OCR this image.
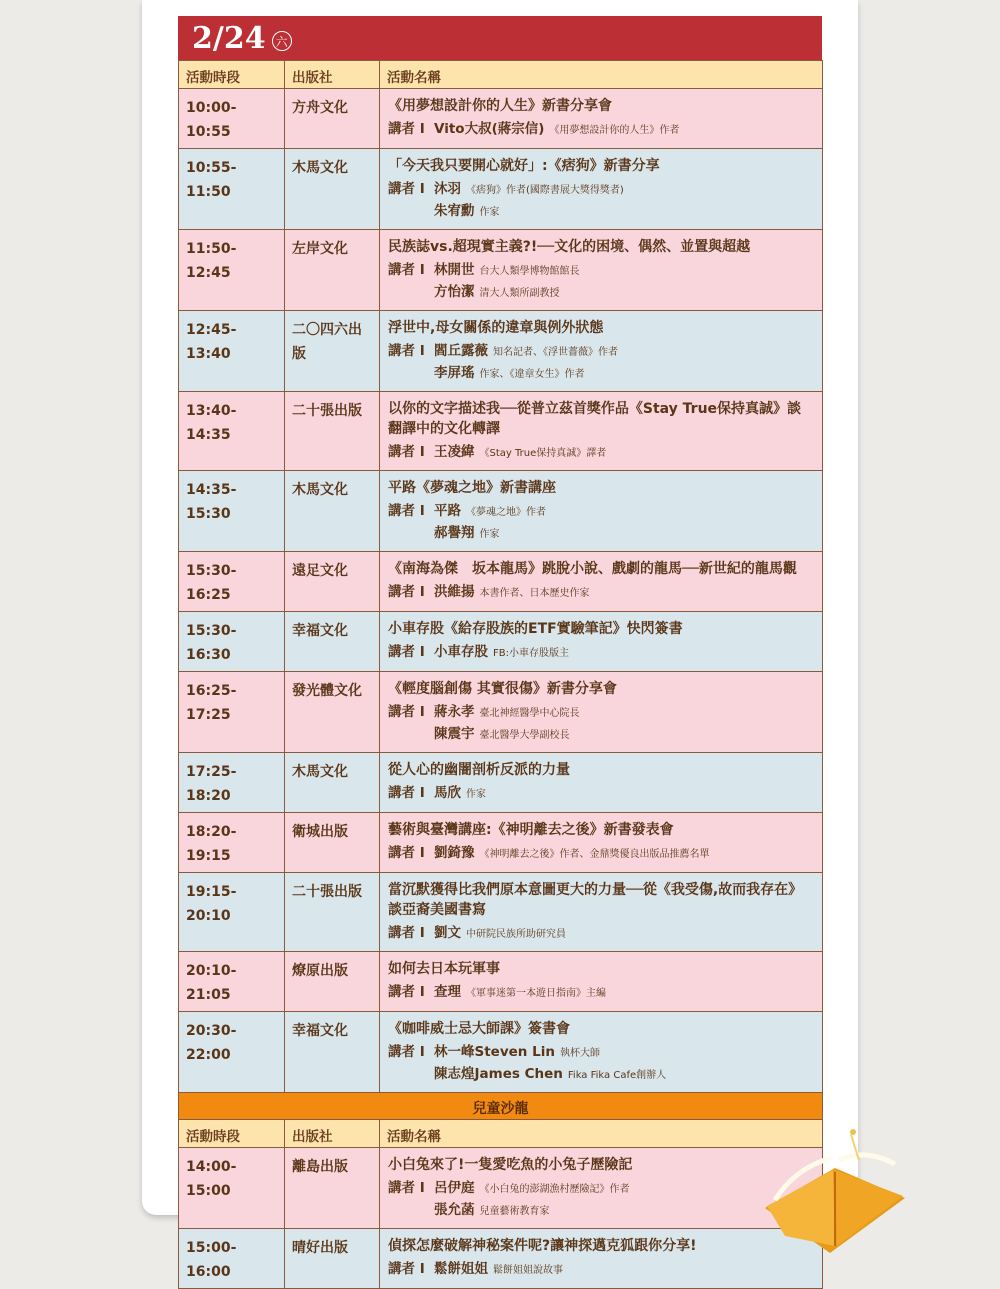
2/24 六
活動時段	出版社	活動名稱
10:00-10:55	方舟文化	《用夢想設計你的人生》新書分享會
講者 I Vito大叔(蔣宗信) 《用夢想設計你的人生》作者

10:55-11:50	木馬文化	「今天我只要開心就好」:《痞狗》新書分享
講者 I 沐羽 《痞狗》作者(國際書展大獎得獎者)
朱宥勳 作家

11:50-12:45	左岸文化	民族誌vs.超現實主義?!──文化的困境、偶然、並置與超越
講者 I 林開世 台大人類學博物館館長
方怡潔 清大人類所副教授

12:45-13:40	二〇四六出版	浮世中,母女關係的違章與例外狀態
講者 I 閻丘露薇 知名記者、《浮世薔薇》作者
李屏瑤 作家、《違章女生》作者

13:40-14:35	二十張出版	以你的文字描述我──從普立茲首獎作品《Stay True保持真誠》談翻譯中的文化轉譯
講者 I 王凌緯 《Stay True保持真誠》譯者

14:35-15:30	木馬文化	平路《夢魂之地》新書講座
講者 I 平路 《夢魂之地》作者
郝譽翔 作家

15:30-16:25	遠足文化	《南海為傑　坂本龍馬》跳脫小說、戲劇的龍馬──新世紀的龍馬觀
講者 I 洪維揚 本書作者、日本歷史作家

15:30-16:30	幸福文化	小車存股《給存股族的ETF實驗筆記》快閃簽書
講者 I 小車存股 FB:小車存股版主

16:25-17:25	發光體文化	《輕度腦創傷 其實很傷》新書分享會
講者 I 蔣永孝 臺北神經醫學中心院長
陳震宇 臺北醫學大學副校長

17:25-18:20	木馬文化	從人心的幽闇剖析反派的力量
講者 I 馬欣 作家

18:20-19:15	衛城出版	藝術與臺灣講座:《神明離去之後》新書發表會
講者 I 劉錡豫 《神明離去之後》作者、金鼎獎優良出版品推薦名單

19:15-20:10	二十張出版	當沉默獲得比我們原本意圖更大的力量──從《我受傷,故而我存在》談亞裔美國書寫
講者 I 劉文 中研院民族所助研究員

20:10-21:05	燎原出版	如何去日本玩軍事
講者 I 查理 《軍事迷第一本遊日指南》主編

20:30-22:00	幸福文化	《咖啡威士忌大師課》簽書會
講者 I 林一峰Steven Lin 執杯大師
陳志煌James Chen Fika Fika Cafe創辦人

兒童沙龍		
活動時段	出版社	活動名稱
14:00-15:00	離島出版	小白兔來了!一隻愛吃魚的小兔子歷險記
講者 I 呂伊庭 《小白兔的澎湖漁村歷險記》作者
張允菡 兒童藝術教育家

15:00-16:00	晴好出版	偵探怎麼破解神秘案件呢?讓神探邁克狐跟你分享!
講者 I 鬆餅姐姐 鬆餅姐姐說故事
